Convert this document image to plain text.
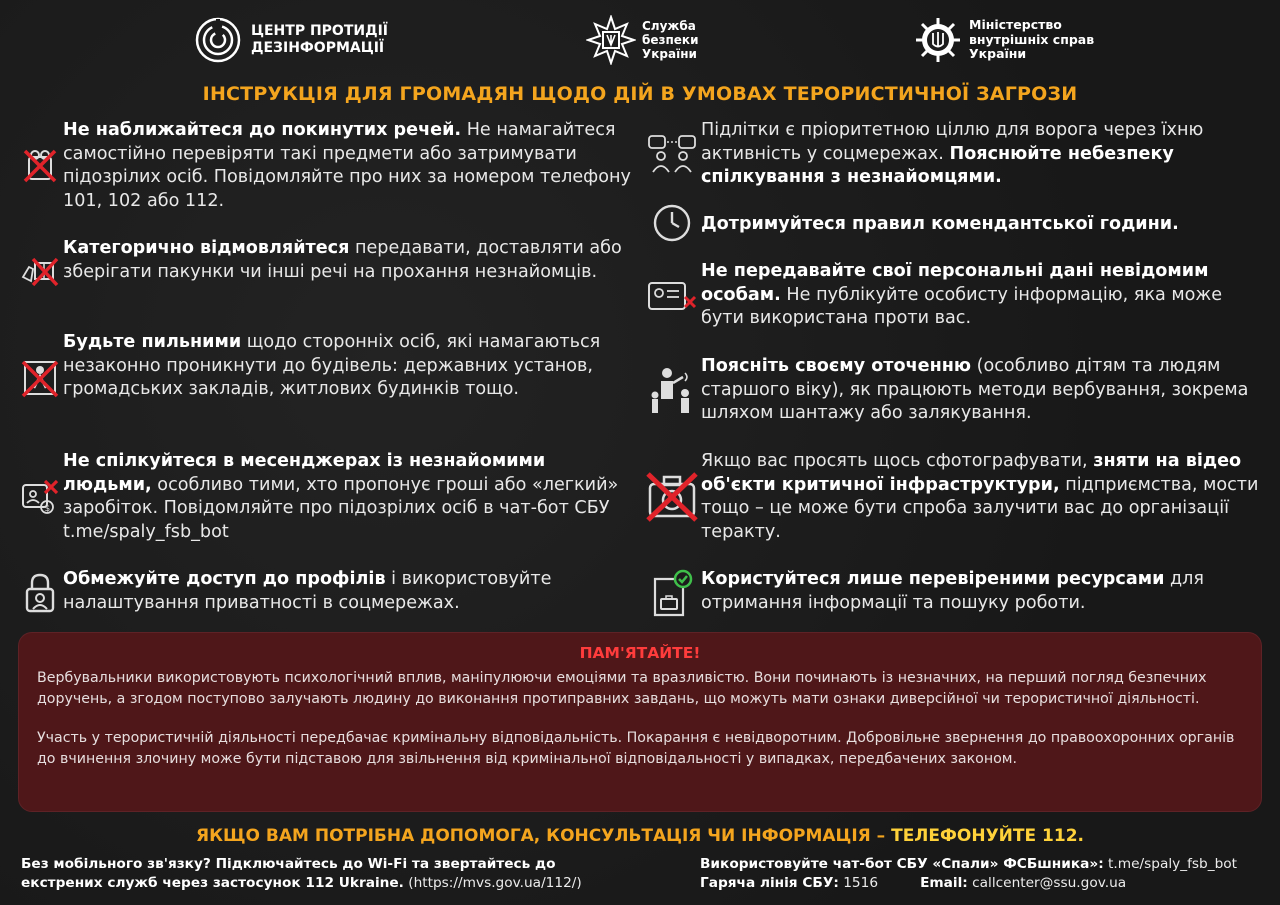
ЦЕНТР ПРОТИДІЇ
ДЕЗІНФОРМАЦІЇ
Служба
безпеки
України
Міністерство
внутрішніх справ
України
ІНСТРУКЦІЯ ДЛЯ ГРОМАДЯН ЩОДО ДІЙ В УМОВАХ ТЕРОРИСТИЧНОЇ ЗАГРОЗИ
Не наближайтеся до покинутих речей. Не намагайтеся самостійно перевіряти такі предмети або затримувати підозрілих осіб. Повідомляйте про них за номером телефону 101, 102 або 112.
Категорично відмовляйтеся передавати, доставляти або зберігати пакунки чи інші речі на прохання незнайомців.
Будьте пильними щодо сторонніх осіб, які намагаються незаконно проникнути до будівель: державних установ, громадських закладів, житлових будинків тощо.
$
Не спілкуйтеся в месенджерах із незнайомими людьми, особливо тими, хто пропонує гроші або «легкий» заробіток. Повідомляйте про підозрілих осіб в чат-бот СБУ t.me/spaly_fsb_bot
Обмежуйте доступ до профілів і використовуйте налаштування приватності в соцмережах.
Підлітки є пріоритетною ціллю для ворога через їхню активність у соцмережах. Пояснюйте небезпеку спілкування з незнайомцями.
Дотримуйтеся правил комендантської години.
Не передавайте свої персональні дані невідомим особам. Не публікуйте особисту інформацію, яка може бути використана проти вас.
Поясніть своєму оточенню (особливо дітям та людям старшого віку), як працюють методи вербування, зокрема шляхом шантажу або залякування.
Якщо вас просять щось сфотографувати, зняти на відео об'єкти критичної інфраструктури, підприємства, мости тощо – це може бути спроба залучити вас до організації теракту.
Користуйтеся лише перевіреними ресурсами для отримання інформації та пошуку роботи.
ПАМ'ЯТАЙТЕ!
Вербувальники використовують психологічний вплив, маніпулюючи емоціями та вразливістю. Вони починають із незначних, на перший погляд безпечних доручень, а згодом поступово залучають людину до виконання протиправних завдань, що можуть мати ознаки диверсійної чи терористичної діяльності.
Участь у терористичній діяльності передбачає кримінальну відповідальність. Покарання є невідворотним. Добровільне звернення до правоохоронних органів до вчинення злочину може бути підставою для звільнення від кримінальної відповідальності у випадках, передбачених законом.
ЯКЩО ВАМ ПОТРІБНА ДОПОМОГА, КОНСУЛЬТАЦІЯ ЧИ ІНФОРМАЦІЯ – ТЕЛЕФОНУЙТЕ 112.
Без мобільного зв'язку? Підключайтесь до Wi-Fi та звертайтесь до екстрених служб через застосунок 112 Ukraine. (https://mvs.gov.ua/112/)
Використовуйте чат-бот СБУ «Спали» ФСБшника»: t.me/spaly_fsb_bot
Гаряча лінія СБУ: 1516	Email: callcenter@ssu.gov.ua
